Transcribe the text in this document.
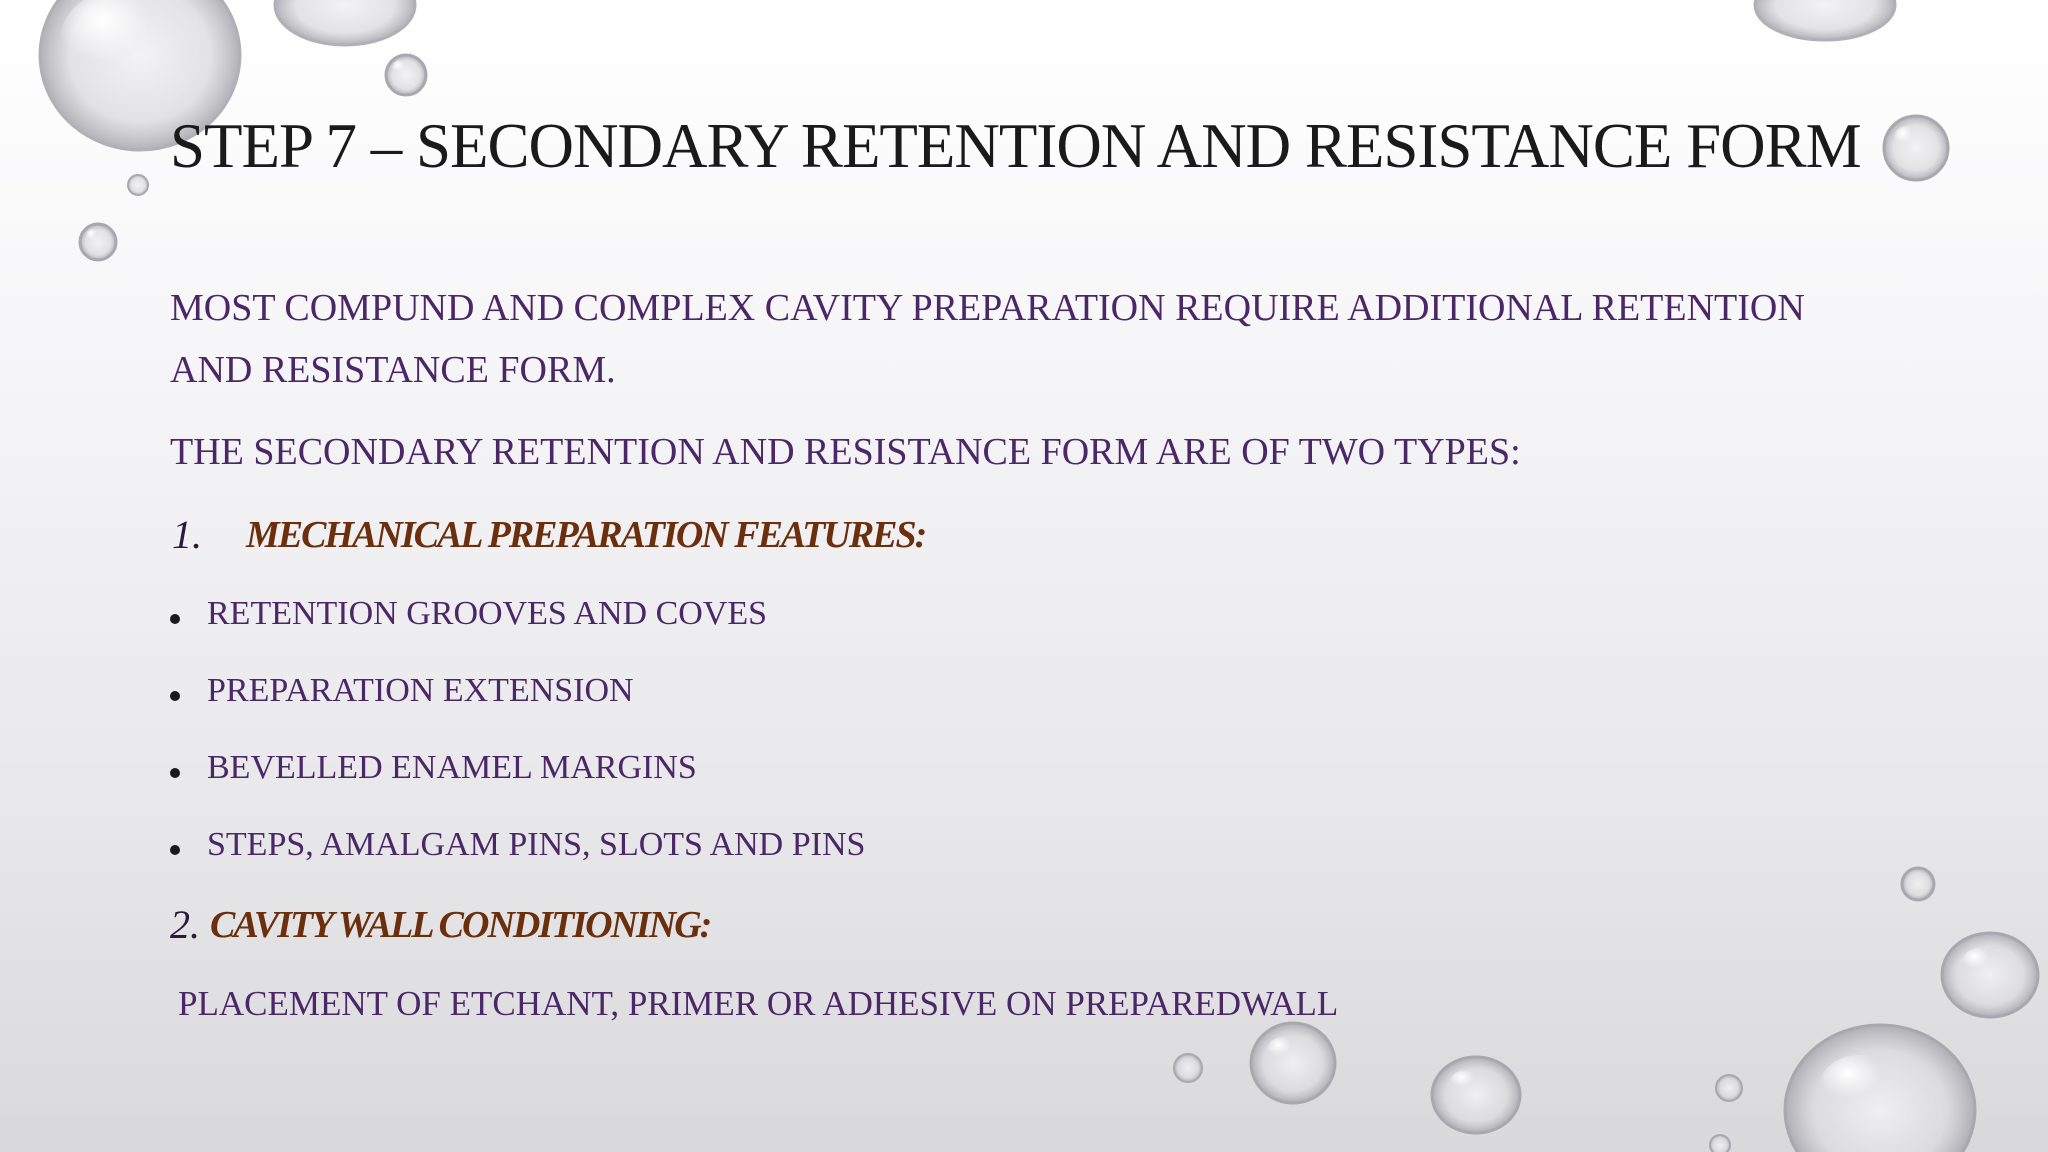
STEP 7 – SECONDARY RETENTION AND RESISTANCE FORM

MOST COMPUND AND COMPLEX CAVITY PREPARATION REQUIRE ADDITIONAL RETENTION

AND RESISTANCE FORM.

THE SECONDARY RETENTION AND RESISTANCE FORM ARE OF TWO TYPES:

1. MECHANICAL PREPARATION FEATURES:
RETENTION GROOVES AND COVES
PREPARATION EXTENSION
BEVELLED ENAMEL MARGINS
STEPS, AMALGAM PINS, SLOTS AND PINS
2. CAVITY WALL CONDITIONING:

PLACEMENT OF ETCHANT, PRIMER OR ADHESIVE ON PREPAREDWALL
